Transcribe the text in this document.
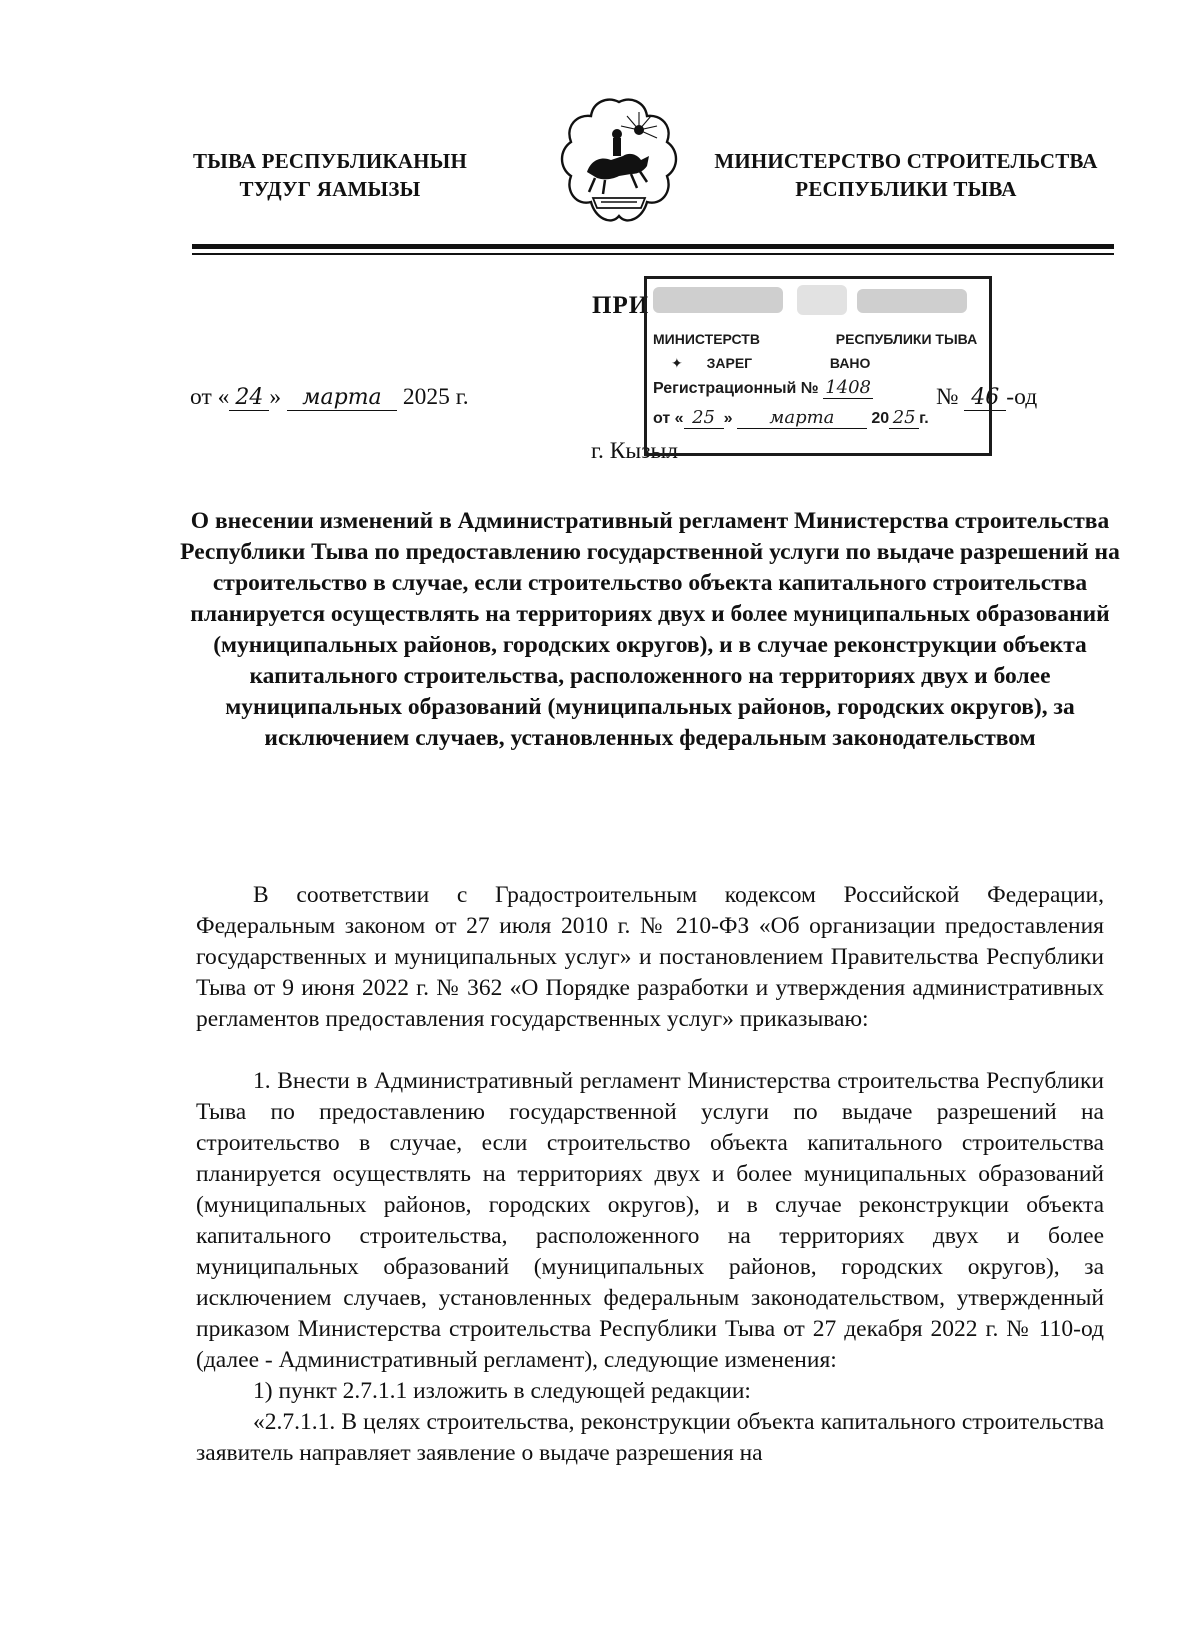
ТЫВА РЕСПУБЛИКАНЫН
ТУДУГ ЯАМЫЗЫ
МИНИСТЕРСТВО СТРОИТЕЛЬСТВА
РЕСПУБЛИКИ ТЫВА
ПРИ
от « 24 » марта 2025 г.	№ 46 -од
г. Кызыл
МИНИСТЕРСТВ	РЕСПУБЛИКИ ТЫВА
✦ ЗАРЕГ	ВАНО
Регистрационный № 1408
от « 25 » марта 20 25 г.
О внесении изменений в Административный регламент Министерства строительства Республики Тыва по предоставлению государственной услуги по выдаче разрешений на строительство в случае, если строительство объекта капитального строительства планируется осуществлять на территориях двух и более муниципальных образований (муниципальных районов, городских округов), и в случае реконструкции объекта капитального строительства, расположенного на территориях двух и более муниципальных образований (муниципальных районов, городских округов), за исключением случаев, установленных федеральным законодательством
В соответствии с Градостроительным кодексом Российской Федерации, Федеральным законом от 27 июля 2010 г. № 210-ФЗ «Об организации предоставления государственных и муниципальных услуг» и постановлением Правительства Республики Тыва от 9 июня 2022 г. № 362 «О Порядке разработки и утверждения административных регламентов предоставления государственных услуг» приказываю:
1. Внести в Административный регламент Министерства строительства Республики Тыва по предоставлению государственной услуги по выдаче разрешений на строительство в случае, если строительство объекта капитального строительства планируется осуществлять на территориях двух и более муниципальных образований (муниципальных районов, городских округов), и в случае реконструкции объекта капитального строительства, расположенного на территориях двух и более муниципальных образований (муниципальных районов, городских округов), за исключением случаев, установленных федеральным законодательством, утвержденный приказом Министерства строительства Республики Тыва от 27 декабря 2022 г. № 110-од (далее - Административный регламент), следующие изменения:
1) пункт 2.7.1.1 изложить в следующей редакции:
«2.7.1.1. В целях строительства, реконструкции объекта капитального строительства заявитель направляет заявление о выдаче разрешения на
